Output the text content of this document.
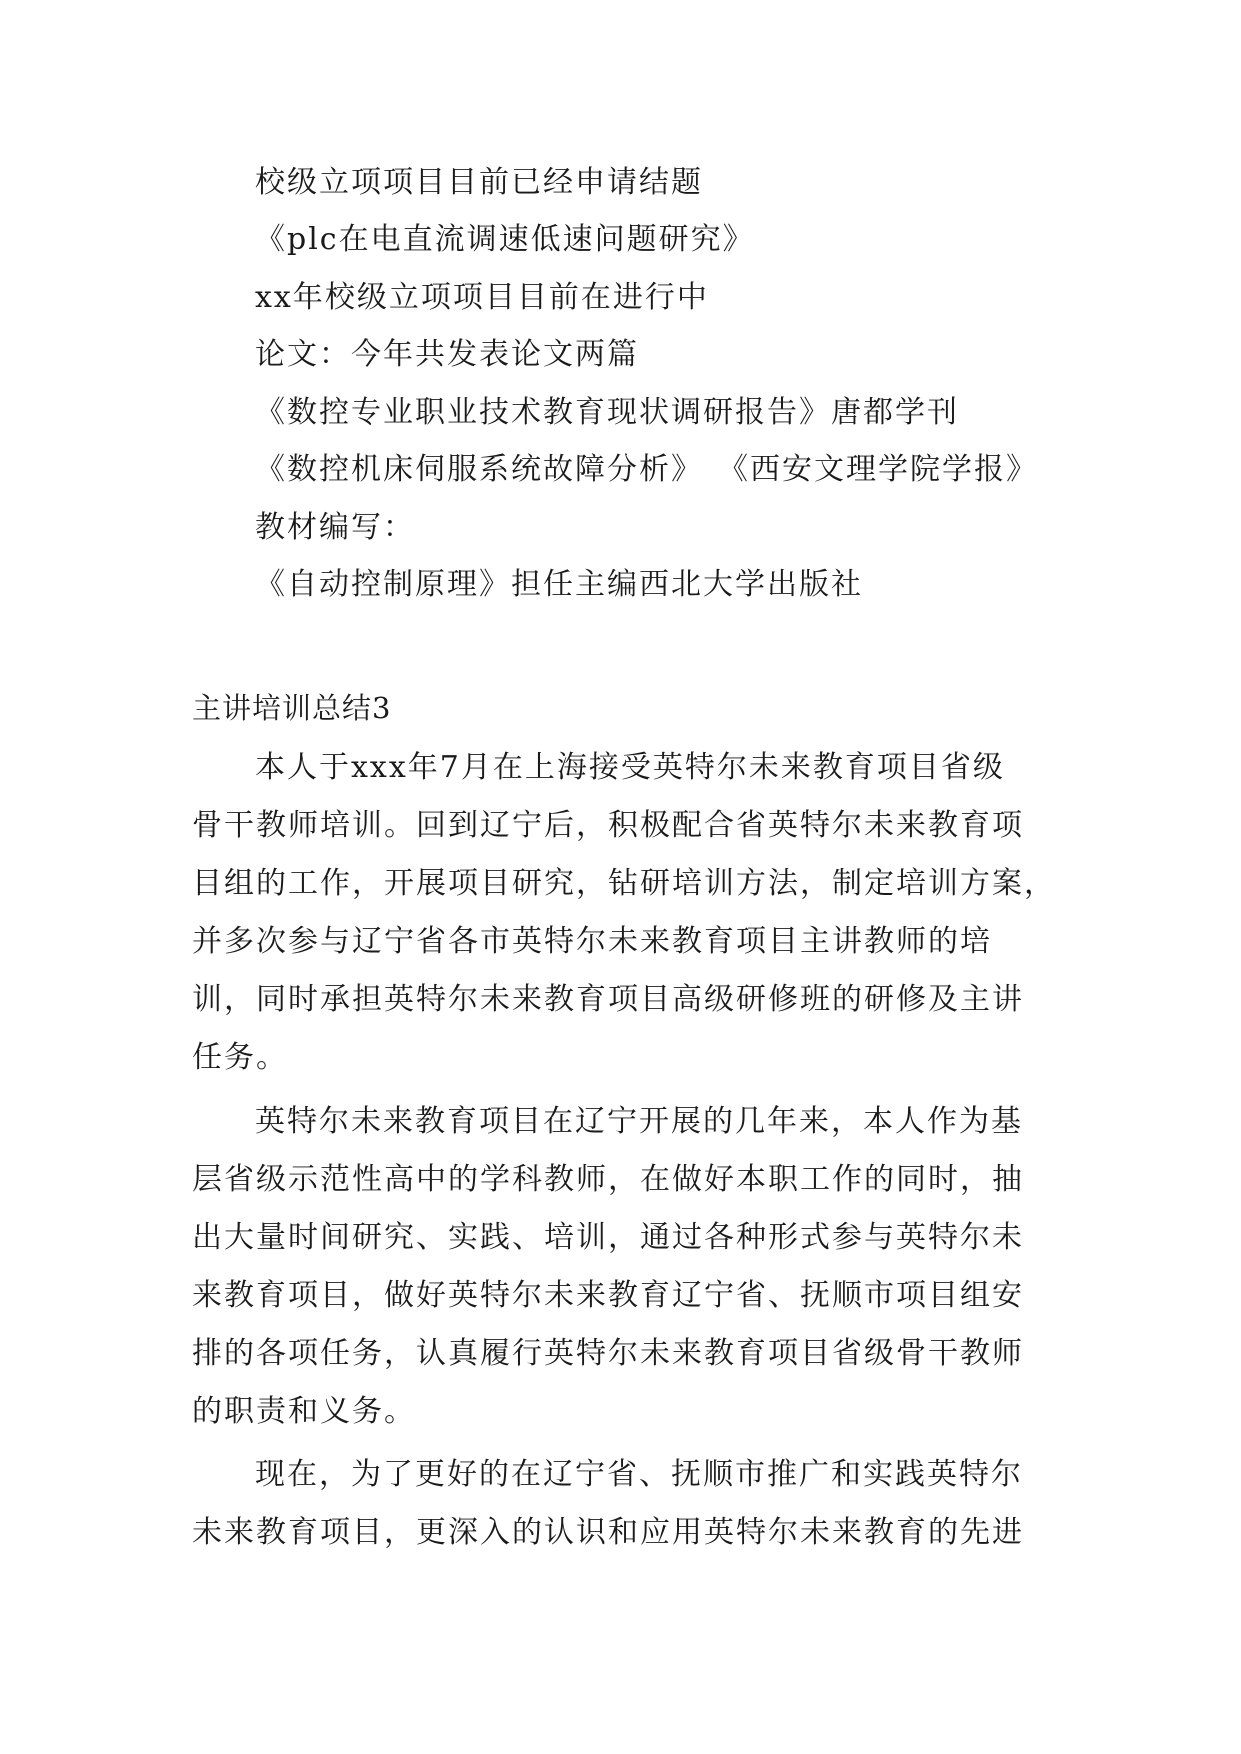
校级立项项目目前已经申请结题
《plc在电直流调速低速问题研究》
xx年校级立项项目目前在进行中
论文：今年共发表论文两篇
《数控专业职业技术教育现状调研报告》唐都学刊
《数控机床伺服系统故障分析》 《西安文理学院学报》
教材编写：
《自动控制原理》担任主编西北大学出版社
主讲培训总结3
本人于xxx年7月在上海接受英特尔未来教育项目省级
骨干教师培训。回到辽宁后，积极配合省英特尔未来教育项
目组的工作，开展项目研究，钻研培训方法，制定培训方案，
并多次参与辽宁省各市英特尔未来教育项目主讲教师的培
训，同时承担英特尔未来教育项目高级研修班的研修及主讲
任务。
英特尔未来教育项目在辽宁开展的几年来，本人作为基
层省级示范性高中的学科教师，在做好本职工作的同时，抽
出大量时间研究、实践、培训，通过各种形式参与英特尔未
来教育项目，做好英特尔未来教育辽宁省、抚顺市项目组安
排的各项任务，认真履行英特尔未来教育项目省级骨干教师
的职责和义务。
现在，为了更好的在辽宁省、抚顺市推广和实践英特尔
未来教育项目，更深入的认识和应用英特尔未来教育的先进
